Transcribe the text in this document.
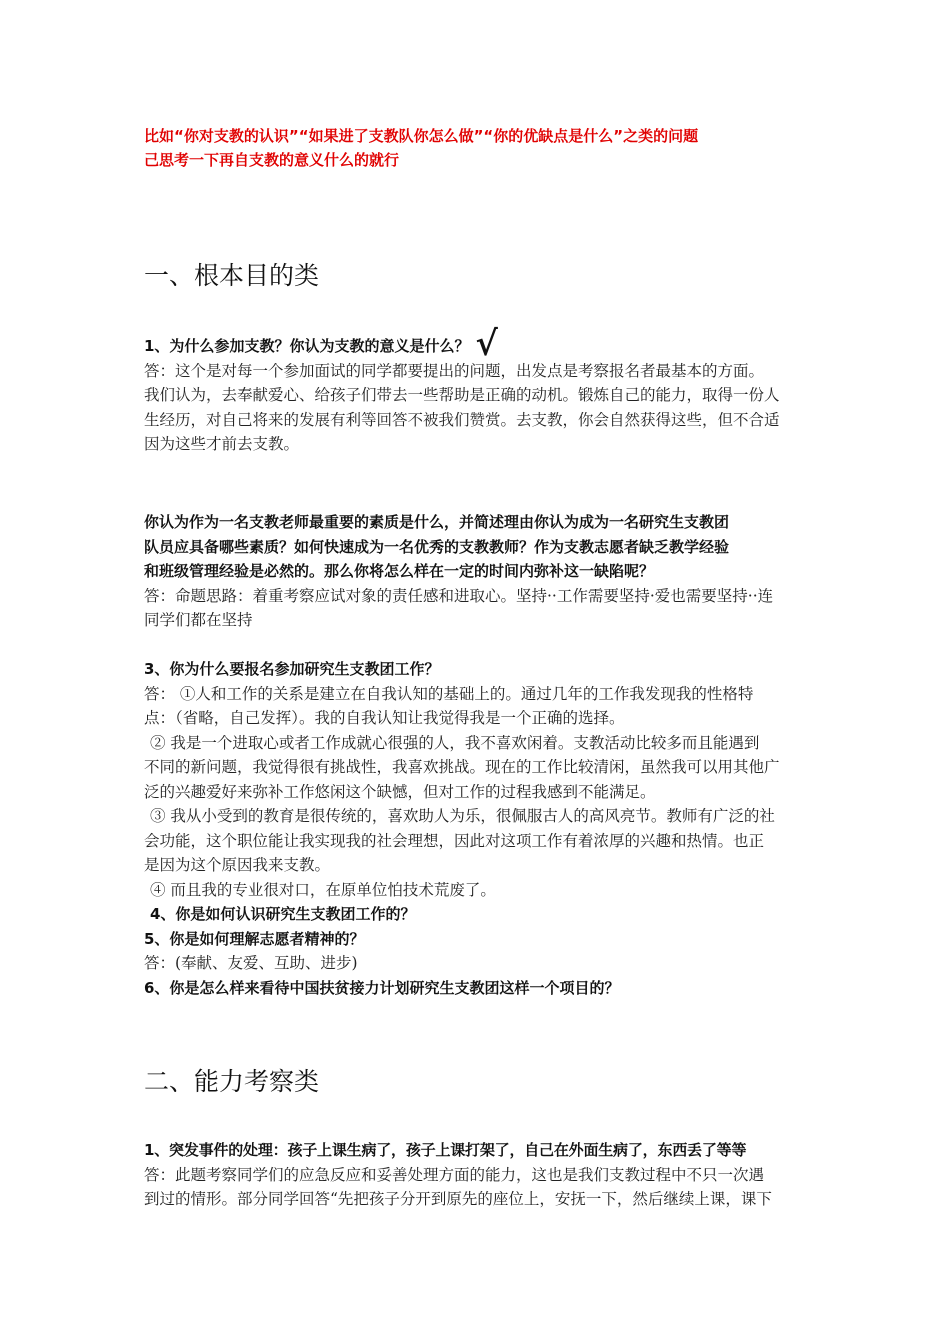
比如“你对支教的认识”“如果进了支教队你怎么做”“你的优缺点是什么”之类的问题

己思考一下再自支教的意义什么的就行

一、根本目的类

1、为什么参加支教？你认为支教的意义是什么？ √

答：这个是对每一个参加面试的同学都要提出的问题，出发点是考察报名者最基本的方面。

我们认为，去奉献爱心、给孩子们带去一些帮助是正确的动机。锻炼自己的能力，取得一份人

生经历，对自己将来的发展有利等回答不被我们赞赏。去支教，你会自然获得这些，但不合适

因为这些才前去支教。

你认为作为一名支教老师最重要的素质是什么，并简述理由你认为成为一名研究生支教团

队员应具备哪些素质？如何快速成为一名优秀的支教教师？作为支教志愿者缺乏教学经验

和班级管理经验是必然的。那么你将怎么样在一定的时间内弥补这一缺陷呢？

答：命题思路：着重考察应试对象的责任感和进取心。坚持··工作需要坚持·爱也需要坚持··连

同学们都在坚持

3、你为什么要报名参加研究生支教团工作？

答： ①人和工作的关系是建立在自我认知的基础上的。通过几年的工作我发现我的性格特

点：（省略，自己发挥）。我的自我认知让我觉得我是一个正确的选择。

② 我是一个进取心或者工作成就心很强的人，我不喜欢闲着。支教活动比较多而且能遇到

不同的新问题，我觉得很有挑战性，我喜欢挑战。现在的工作比较清闲，虽然我可以用其他广

泛的兴趣爱好来弥补工作悠闲这个缺憾，但对工作的过程我感到不能满足。

③ 我从小受到的教育是很传统的，喜欢助人为乐，很佩服古人的高风亮节。教师有广泛的社

会功能，这个职位能让我实现我的社会理想，因此对这项工作有着浓厚的兴趣和热情。也正

是因为这个原因我来支教。

④ 而且我的专业很对口，在原单位怕技术荒废了。

4、你是如何认识研究生支教团工作的？

5、你是如何理解志愿者精神的？

答：(奉献、友爱、互助、进步)

6、你是怎么样来看待中国扶贫接力计划研究生支教团这样一个项目的？

二、能力考察类

1、突发事件的处理：孩子上课生病了，孩子上课打架了，自己在外面生病了，东西丢了等等

答：此题考察同学们的应急反应和妥善处理方面的能力，这也是我们支教过程中不只一次遇

到过的情形。部分同学回答“先把孩子分开到原先的座位上，安抚一下，然后继续上课，课下
